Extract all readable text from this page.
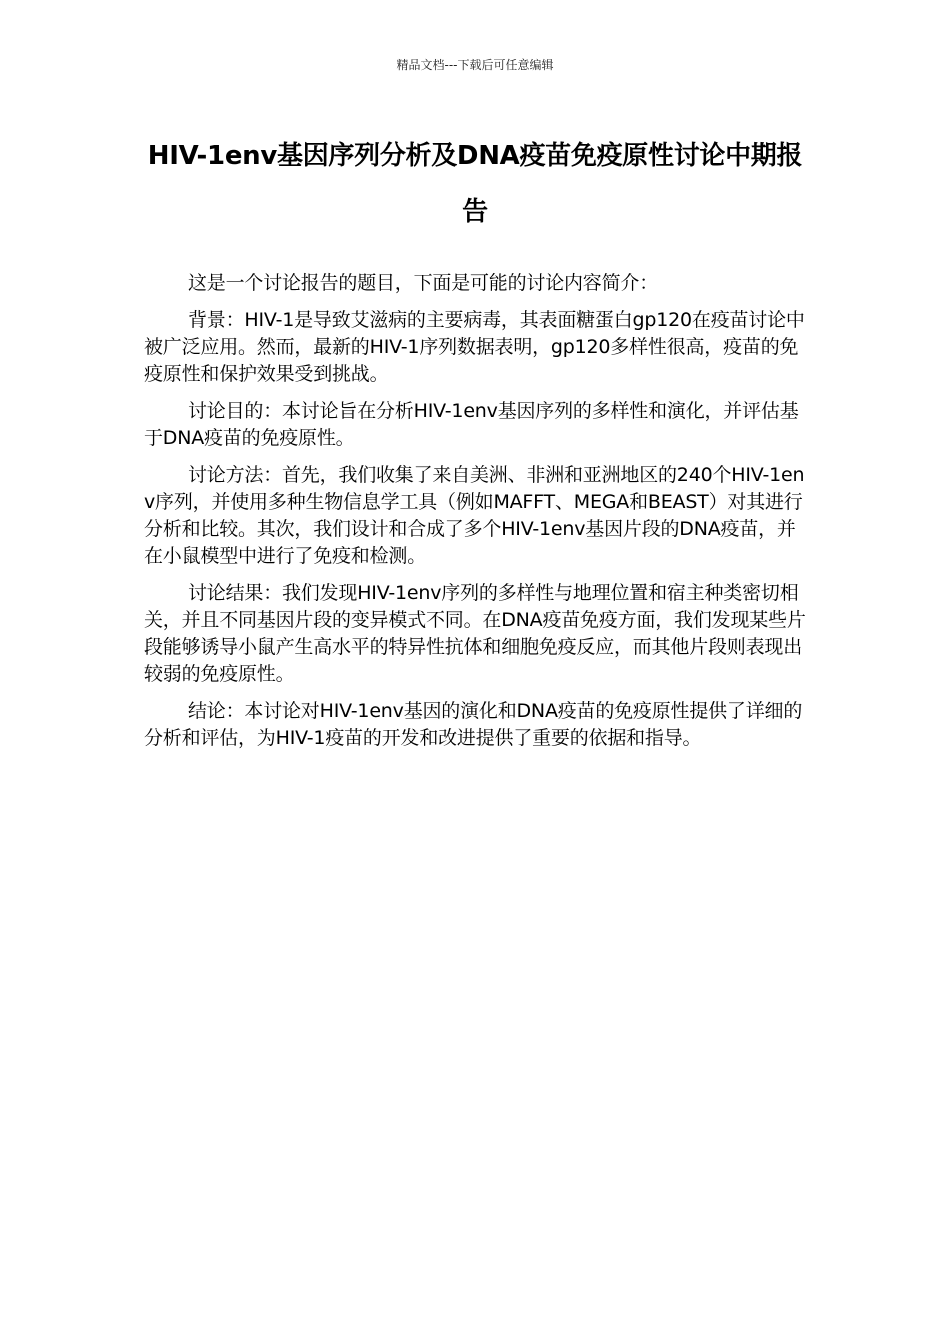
精品文档---下载后可任意编辑
HIV-1env基因序列分析及DNA疫苗免疫原性讨论中期报告

这是一个讨论报告的题目，下面是可能的讨论内容简介：

背景：HIV-1是导致艾滋病的主要病毒，其表面糖蛋白gp120在疫苗讨论中被广泛应用。然而，最新的HIV-1序列数据表明，gp120多样性很高，疫苗的免疫原性和保护效果受到挑战。

讨论目的：本讨论旨在分析HIV-1env基因序列的多样性和演化，并评估基于DNA疫苗的免疫原性。

讨论方法：首先，我们收集了来自美洲、非洲和亚洲地区的240个HIV-1env序列，并使用多种生物信息学工具（例如MAFFT、MEGA和BEAST）对其进行分析和比较。其次，我们设计和合成了多个HIV-1env基因片段的DNA疫苗，并在小鼠模型中进行了免疫和检测。

讨论结果：我们发现HIV-1env序列的多样性与地理位置和宿主种类密切相关，并且不同基因片段的变异模式不同。在DNA疫苗免疫方面，我们发现某些片段能够诱导小鼠产生高水平的特异性抗体和细胞免疫反应，而其他片段则表现出较弱的免疫原性。

结论：本讨论对HIV-1env基因的演化和DNA疫苗的免疫原性提供了详细的分析和评估，为HIV-1疫苗的开发和改进提供了重要的依据和指导。
